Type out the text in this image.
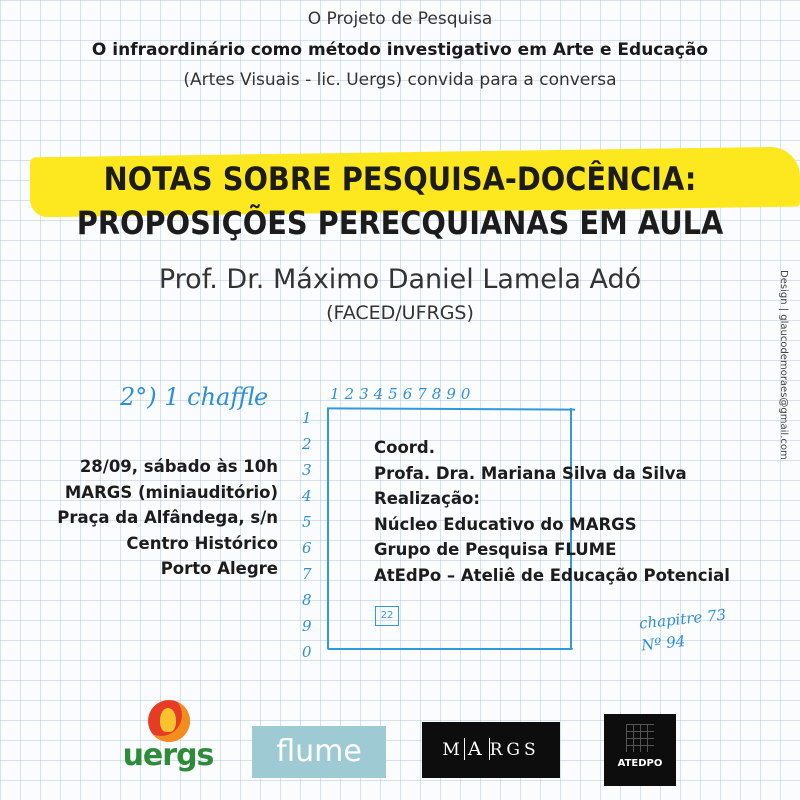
O Projeto de Pesquisa
O infraordinário como método investigativo em Arte e Educação
(Artes Visuais - lic. Uergs) convida para a conversa
NOTAS SOBRE PESQUISA-DOCÊNCIA:
PROPOSIÇÕES PERECQUIANAS EM AULA
Prof. Dr. Máximo Daniel Lamela Adó
(FACED/UFRGS)
2°) 1 chaffle	1234567890
1
2
3
4
5
6
7
8
9
0
22	chapitre 73
Nº 94
28/09, sábado às 10h
MARGS (miniauditório)
Praça da Alfândega, s/n
Centro Histórico
Porto Alegre
Coord.
Profa. Dra. Mariana Silva da Silva
Realização:
Núcleo Educativo do MARGS
Grupo de Pesquisa FLUME
AtEdPo – Ateliê de Educação Potencial
Design | glaucodemoraes@gmail.com
uergs	flume	M A RGS
ATEDPO
